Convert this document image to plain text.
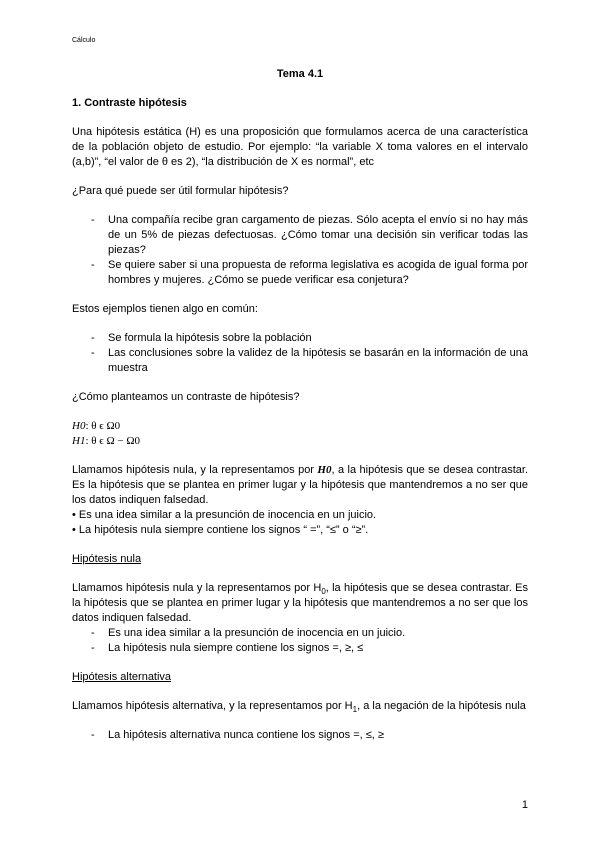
Cálculo

Tema 4.1

1. Contraste hipótesis

Una hipótesis estática (H) es una proposición que formulamos acerca de una característica de la población objeto de estudio. Por ejemplo: “la variable X toma valores en el intervalo (a,b)”, “el valor de θ es 2), “la distribución de X es normal”, etc

¿Para qué puede ser útil formular hipótesis?

- Una compañía recibe gran cargamento de piezas. Sólo acepta el envío si no hay más de un 5% de piezas defectuosas. ¿Cómo tomar una decisión sin verificar todas las piezas?
- Se quiere saber si una propuesta de reforma legislativa es acogida de igual forma por hombres y mujeres. ¿Cómo se puede verificar esa conjetura?

Estos ejemplos tienen algo en común:

- Se formula la hipótesis sobre la población
- Las conclusiones sobre la validez de la hipótesis se basarán en la información de una muestra

¿Cómo planteamos un contraste de hipótesis?

H0: θ ϵ Ω0

H1: θ ϵ Ω − Ω0

Llamamos hipótesis nula, y la representamos por H0, a la hipótesis que se desea contrastar. Es la hipótesis que se plantea en primer lugar y la hipótesis que mantendremos a no ser que los datos indiquen falsedad.

• Es una idea similar a la presunción de inocencia en un juicio.

• La hipótesis nula siempre contiene los signos “ =”, “≤” o “≥”.

Hipótesis nula

Llamamos hipótesis nula y la representamos por $H_0$, la hipótesis que se desea contrastar. Es la hipótesis que se plantea en primer lugar y la hipótesis que mantendremos a no ser que los datos indiquen falsedad.

- Es una idea similar a la presunción de inocencia en un juicio.
- La hipótesis nula siempre contiene los signos =, ≥, ≤

Hipótesis alternativa

Llamamos hipótesis alternativa, y la representamos por $H_1$, a la negación de la hipótesis nula

- La hipótesis alternativa nunca contiene los signos =, ≤, ≥
1
